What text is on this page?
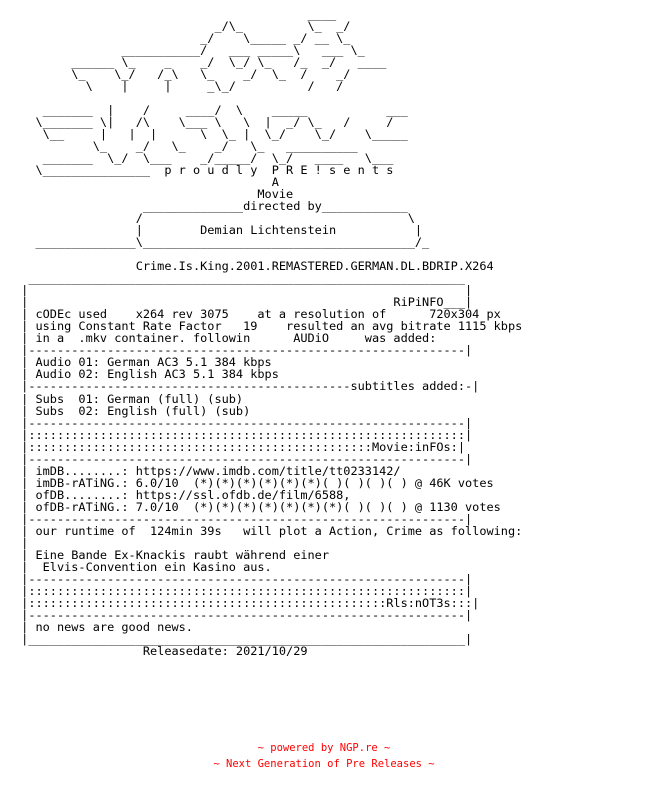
____
_/\_         \_  _/
_/    \_____ _/ __ \_
___________/   ___ _____\   ___ \_
______ \_    _    _/  \_/ \_   /_  _/   ____
\_    \_/   /_\   \_    _/  \_  /    _/
\    |     |     _\_/          /   /

_______  |    /     ____/  \    _____           ___
\_______ \|   /\    \___ \   \  |  _/ \_   /     /
\__     |   |  |      \  \_ |  \_/    \_/    \_____
\_    _/   \_    _/   \_   __________
_______  \_/  \___    _/_____/  \_/   ____   \___
\_______________  p r o u d l y  P R E ! s e n t s
A
Movie
______________directed by____________
/                                     \
|        Demian Lichtenstein           |
______________\______________________________________/_

Crime.Is.King.2001.REMASTERED.GERMAN.DL.BDRIP.X264
_____________________________________________________________
|                                                             |
|                                                   RiPiNFO___|
| cODEc used    x264 rev 3075    at a resolution of      720x304 px
| using Constant Rate Factor   19    resulted an avg bitrate 1115 kbps
| in a  .mkv container. followin      AUDiO     was added:
|-------------------------------------------------------------|
| Audio 01: German AC3 5.1 384 kbps
| Audio 02: English AC3 5.1 384 kbps
|---------------------------------------------subtitles added:-|
| Subs  01: German (full) (sub)
| Subs  02: English (full) (sub)
|-------------------------------------------------------------|
|:::::::::::::::::::::::::::::::::::::::::::::::::::::::::::::|
|::::::::::::::::::::::::::::::::::::::::::::::::Movie:inFOs:|
|-------------------------------------------------------------|
| imDB........: https://www.imdb.com/title/tt0233142/
| imDB-rATiNG.: 6.0/10  (*)(*)(*)(*)(*)(*)( )( )( )( ) @ 46K votes
| ofDB........: https://ssl.ofdb.de/film/6588,
| ofDB-rATiNG.: 7.0/10  (*)(*)(*)(*)(*)(*)(*)( )( )( ) @ 1130 votes
|-------------------------------------------------------------|
| our runtime of  124min 39s   will plot a Action, Crime as following:
|
| Eine Bande Ex-Knackis raubt während einer
|  Elvis-Convention ein Kasino aus.
|-------------------------------------------------------------|
|:::::::::::::::::::::::::::::::::::::::::::::::::::::::::::::|
|::::::::::::::::::::::::::::::::::::::::::::::::::Rls:nOT3s:::|
|-------------------------------------------------------------|
| no news are good news.
|_____________________________________________________________|
Releasedate: 2021/10/29
~ powered by NGP.re ~
~ Next Generation of Pre Releases ~
